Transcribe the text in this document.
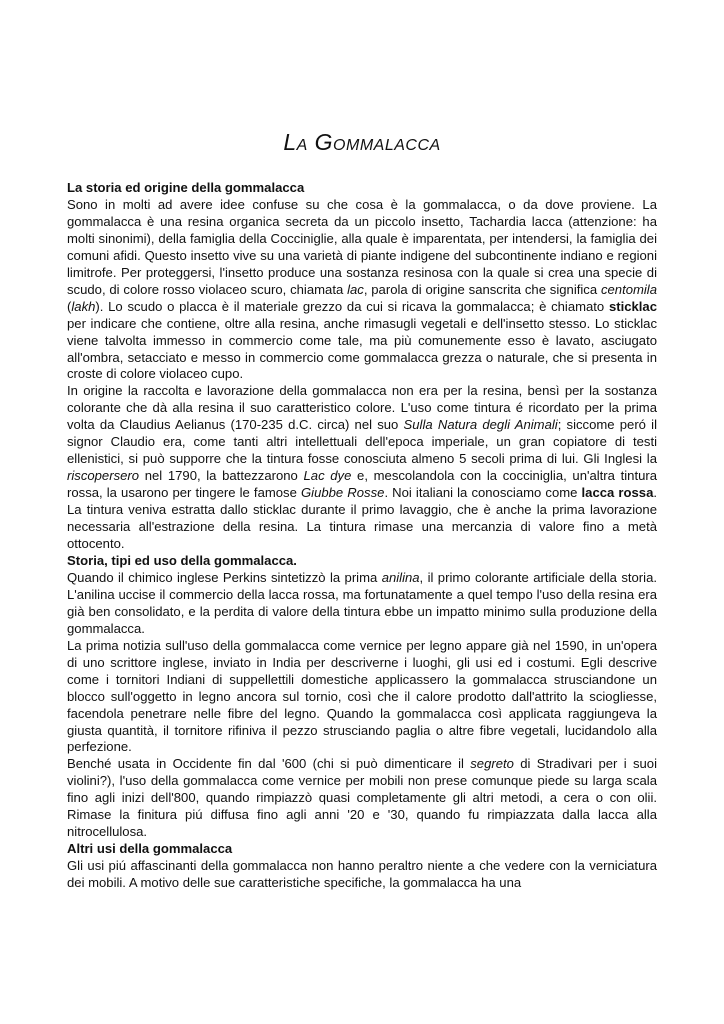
La Gommalacca
La storia ed origine della gommalacca

Sono in molti ad avere idee confuse su che cosa è la gommalacca, o da dove proviene. La gommalacca è una resina organica secreta da un piccolo insetto, Tachardia lacca (attenzione: ha molti sinonimi), della famiglia della Cocciniglie, alla quale è imparentata, per intendersi, la famiglia dei comuni afidi. Questo insetto vive su una varietà di piante indigene del subcontinente indiano e regioni limitrofe. Per proteggersi, l'insetto produce una sostanza resinosa con la quale si crea una specie di scudo, di colore rosso violaceo scuro, chiamata lac, parola di origine sanscrita che significa centomila (lakh). Lo scudo o placca è il materiale grezzo da cui si ricava la gommalacca; è chiamato sticklac per indicare che contiene, oltre alla resina, anche rimasugli vegetali e dell'insetto stesso. Lo sticklac viene talvolta immesso in commercio come tale, ma più comunemente esso è lavato, asciugato all'ombra, setacciato e messo in commercio come gommalacca grezza o naturale, che si presenta in croste di colore violaceo cupo.

In origine la raccolta e lavorazione della gommalacca non era per la resina, bensì per la sostanza colorante che dà alla resina il suo caratteristico colore. L'uso come tintura é ricordato per la prima volta da Claudius Aelianus (170-235 d.C. circa) nel suo Sulla Natura degli Animali; siccome peró il signor Claudio era, come tanti altri intellettuali dell'epoca imperiale, un gran copiatore di testi ellenistici, si può supporre che la tintura fosse conosciuta almeno 5 secoli prima di lui. Gli Inglesi la riscopersero nel 1790, la battezzarono Lac dye e, mescolandola con la cocciniglia, un'altra tintura rossa, la usarono per tingere le famose Giubbe Rosse. Noi italiani la conosciamo come lacca rossa. La tintura veniva estratta dallo sticklac durante il primo lavaggio, che è anche la prima lavorazione necessaria all'estrazione della resina. La tintura rimase una mercanzia di valore fino a metà ottocento.

Storia, tipi ed uso della gommalacca.

Quando il chimico inglese Perkins sintetizzò la prima anilina, il primo colorante artificiale della storia. L'anilina uccise il commercio della lacca rossa, ma fortunatamente a quel tempo l'uso della resina era già ben consolidato, e la perdita di valore della tintura ebbe un impatto minimo sulla produzione della gommalacca.

La prima notizia sull'uso della gommalacca come vernice per legno appare già nel 1590, in un'opera di uno scrittore inglese, inviato in India per descriverne i luoghi, gli usi ed i costumi. Egli descrive come i tornitori Indiani di suppellettili domestiche applicassero la gommalacca strusciandone un blocco sull'oggetto in legno ancora sul tornio, così che il calore prodotto dall'attrito la sciogliesse, facendola penetrare nelle fibre del legno. Quando la gommalacca così applicata raggiungeva la giusta quantità, il tornitore rifiniva il pezzo strusciando paglia o altre fibre vegetali, lucidandolo alla perfezione.

Benché usata in Occidente fin dal '600 (chi si può dimenticare il segreto di Stradivari per i suoi violini?), l'uso della gommalacca come vernice per mobili non prese comunque piede su larga scala fino agli inizi dell'800, quando rimpiazzò quasi completamente gli altri metodi, a cera o con olii. Rimase la finitura piú diffusa fino agli anni '20 e '30, quando fu rimpiazzata dalla lacca alla nitrocellulosa.

Altri usi della gommalacca

Gli usi piú affascinanti della gommalacca non hanno peraltro niente a che vedere con la verniciatura dei mobili. A motivo delle sue caratteristiche specifiche, la gommalacca ha una
